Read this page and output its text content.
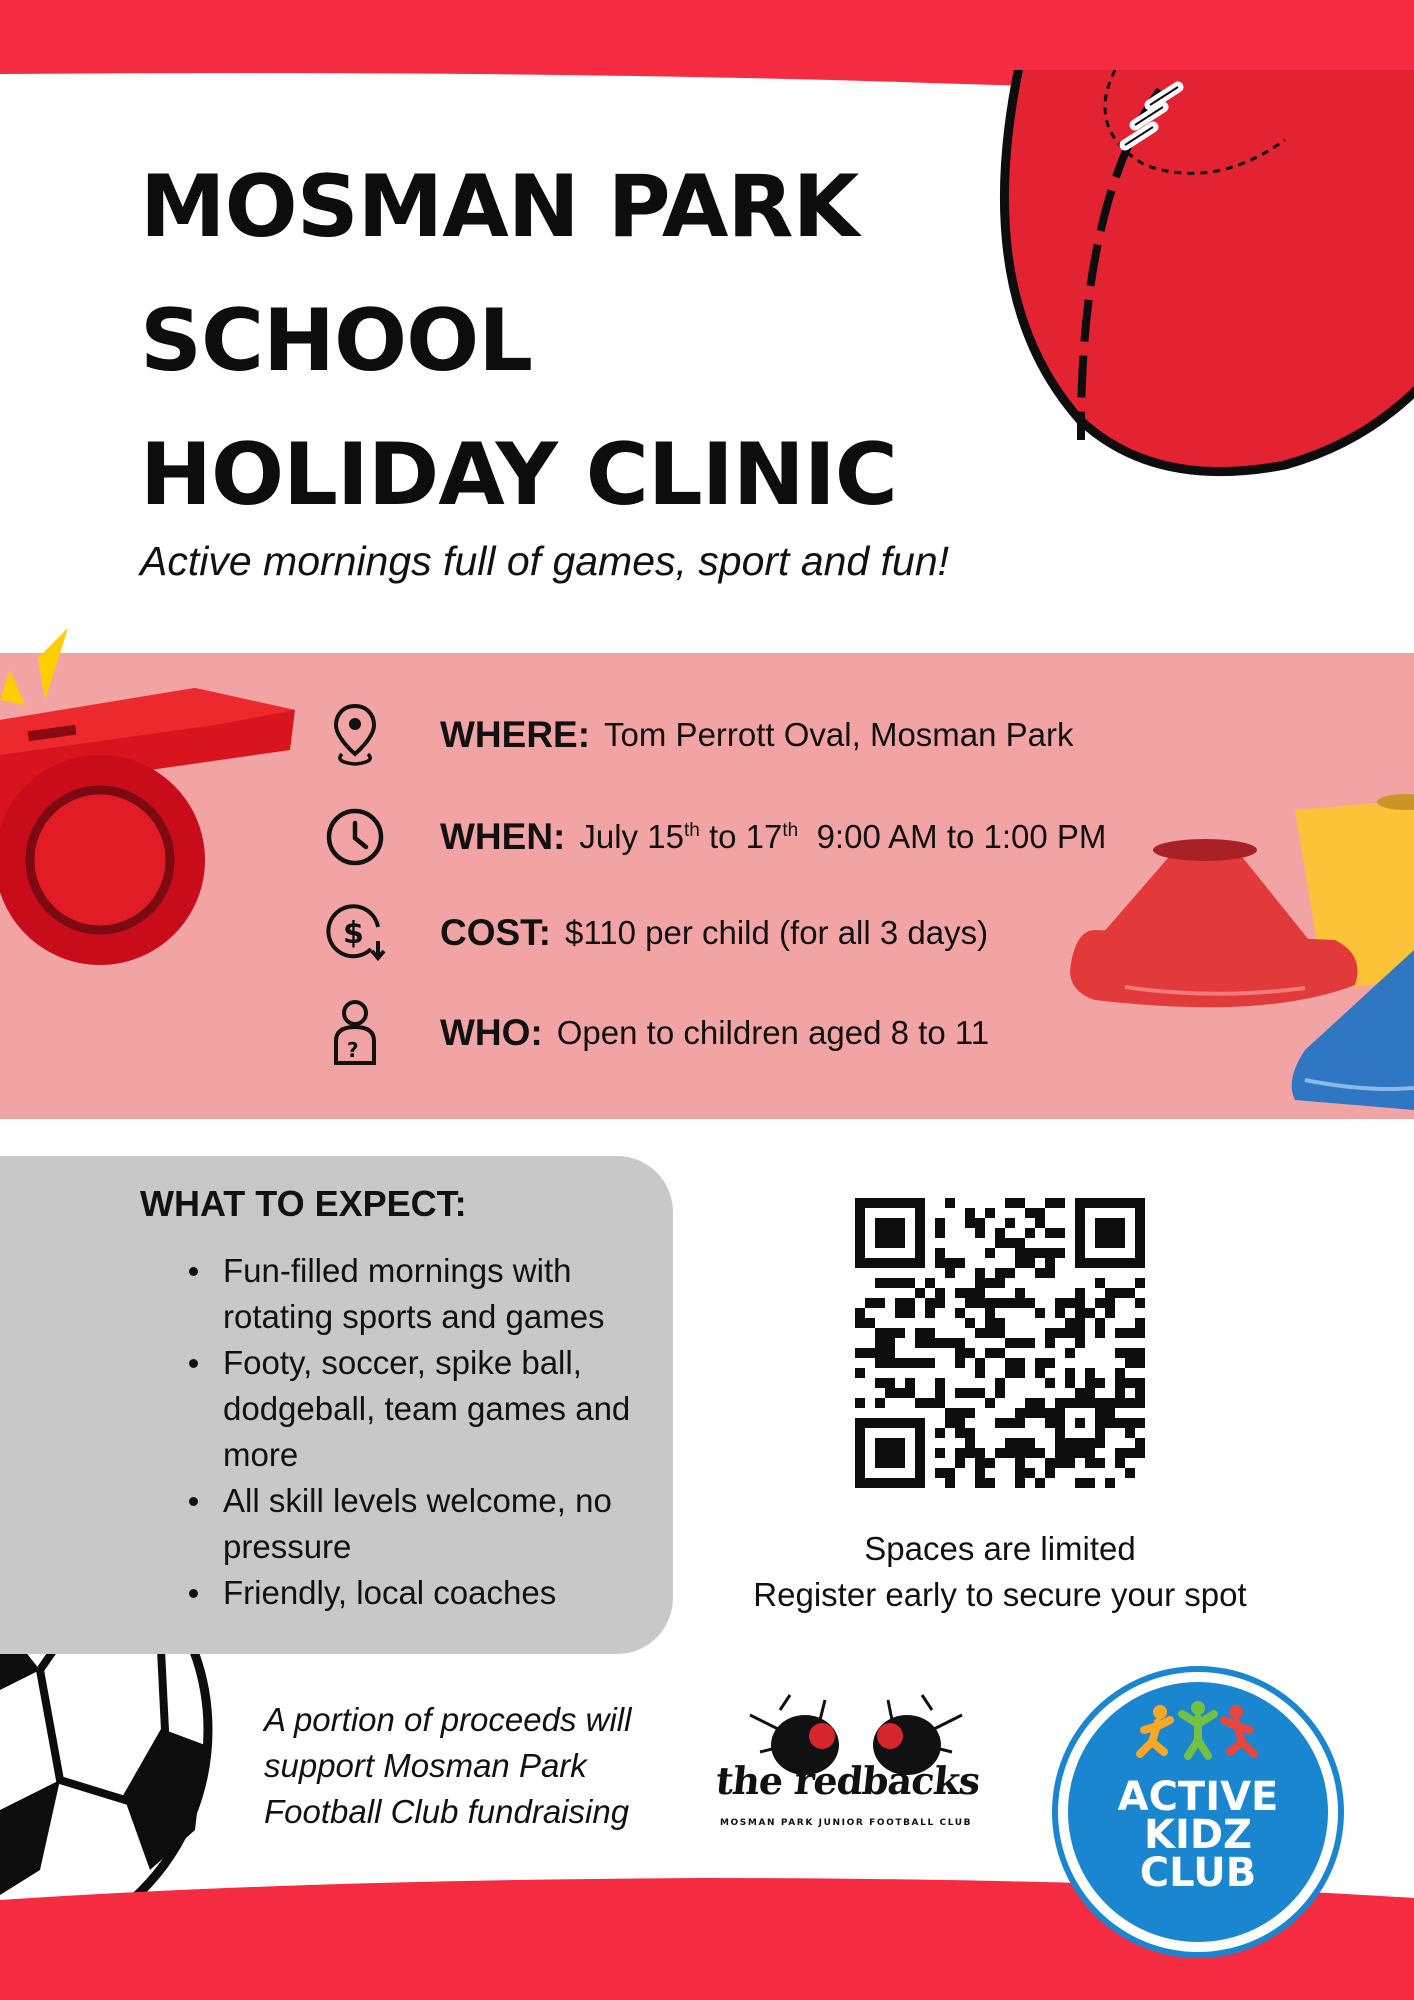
MOSMAN PARK
SCHOOL
HOLIDAY CLINIC
Active mornings full of games, sport and fun!
WHERE: Tom Perrott Oval, Mosman Park
WHEN: July 15th to 17th  9:00 AM to 1:00 PM
$ COST: $110 per child (for all 3 days)
? WHO: Open to children aged 8 to 11
WHAT TO EXPECT:
Fun-filled mornings with rotating sports and games
Footy, soccer, spike ball, dodgeball, team games and more
All skill levels welcome, no pressure
Friendly, local coaches
Spaces are limited
Register early to secure your spot
A portion of proceeds will
support Mosman Park
Football Club fundraising
the redbacks
MOSMAN PARK JUNIOR FOOTBALL CLUB
ACTIVE
KIDZ
CLUB
